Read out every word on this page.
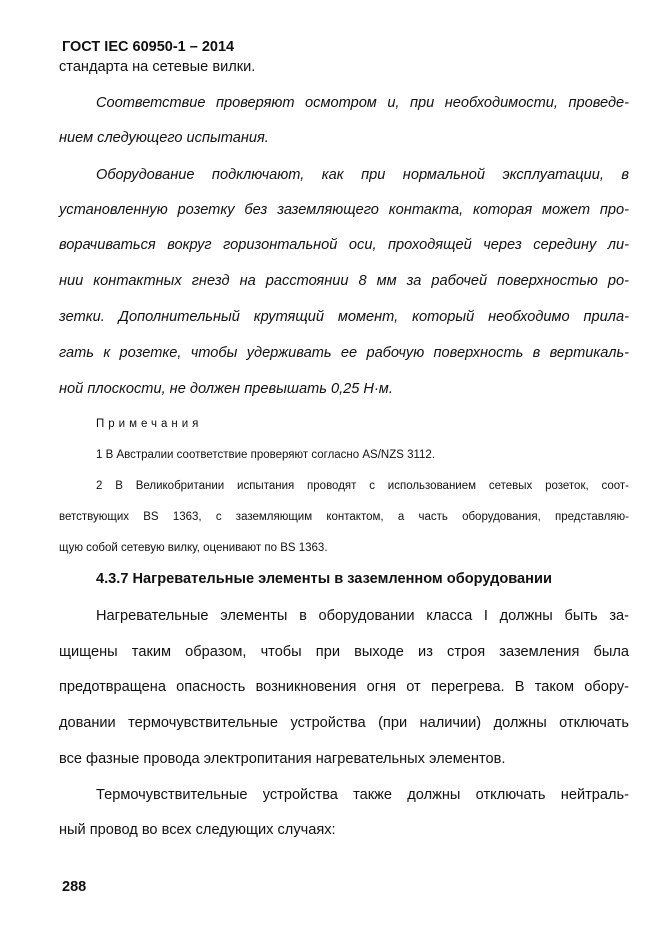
ГОСТ IEC 60950-1 – 2014
стандарта на сетевые вилки.
Соответствие проверяют осмотром и, при необходимости, проведе-
нием следующего испытания.
Оборудование подключают, как при нормальной эксплуатации, в
установленную розетку без заземляющего контакта, которая может про-
ворачиваться вокруг горизонтальной оси, проходящей через середину ли-
нии контактных гнезд на расстоянии 8 мм за рабочей поверхностью ро-
зетки. Дополнительный крутящий момент, который необходимо прила-
гать к розетке, чтобы удерживать ее рабочую поверхность в вертикаль-
ной плоскости, не должен превышать 0,25 Н·м.
Примечания
1 В Австралии соответствие проверяют согласно AS/NZS 3112.
2 В Великобритании испытания проводят с использованием сетевых розеток, соот-
ветствующих BS 1363, с заземляющим контактом, а часть оборудования, представляю-
щую собой сетевую вилку, оценивают по BS 1363.
4.3.7 Нагревательные элементы в заземленном оборудовании
Нагревательные элементы в оборудовании класса I должны быть за-
щищены таким образом, чтобы при выходе из строя заземления была
предотвращена опасность возникновения огня от перегрева. В таком обору-
довании термочувствительные устройства (при наличии) должны отключать
все фазные провода электропитания нагревательных элементов.
Термочувствительные устройства также должны отключать нейтраль-
ный провод во всех следующих случаях:
288
